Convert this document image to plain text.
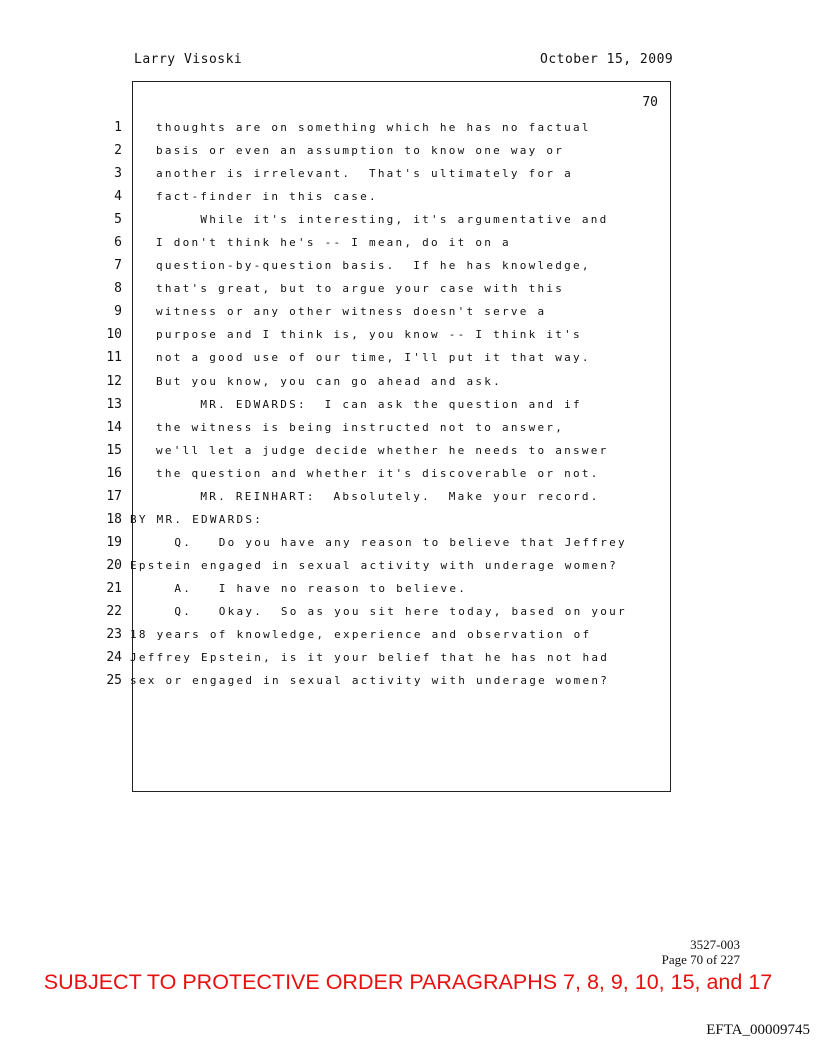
Larry Visoski	October 15, 2009
70
1
2
3
4
5
6
7
8
9
10
11
12
13
14
15
16
17
18
19
20
21
22
23
24
25
thoughts are on something which he has no factual
basis or even an assumption to know one way or
another is irrelevant.  That's ultimately for a
fact-finder in this case.
While it's interesting, it's argumentative and
I don't think he's -- I mean, do it on a
question-by-question basis.  If he has knowledge,
that's great, but to argue your case with this
witness or any other witness doesn't serve a
purpose and I think is, you know -- I think it's
not a good use of our time, I'll put it that way.
But you know, you can go ahead and ask.
MR. EDWARDS:  I can ask the question and if
the witness is being instructed not to answer,
we'll let a judge decide whether he needs to answer
the question and whether it's discoverable or not.
MR. REINHART:  Absolutely.  Make your record.
BY MR. EDWARDS:
Q.   Do you have any reason to believe that Jeffrey
Epstein engaged in sexual activity with underage women?
A.   I have no reason to believe.
Q.   Okay.  So as you sit here today, based on your
18 years of knowledge, experience and observation of
Jeffrey Epstein, is it your belief that he has not had
sex or engaged in sexual activity with underage women?
3527-003
Page 70 of 227
SUBJECT TO PROTECTIVE ORDER PARAGRAPHS 7, 8, 9, 10, 15, and 17
EFTA_00009745
